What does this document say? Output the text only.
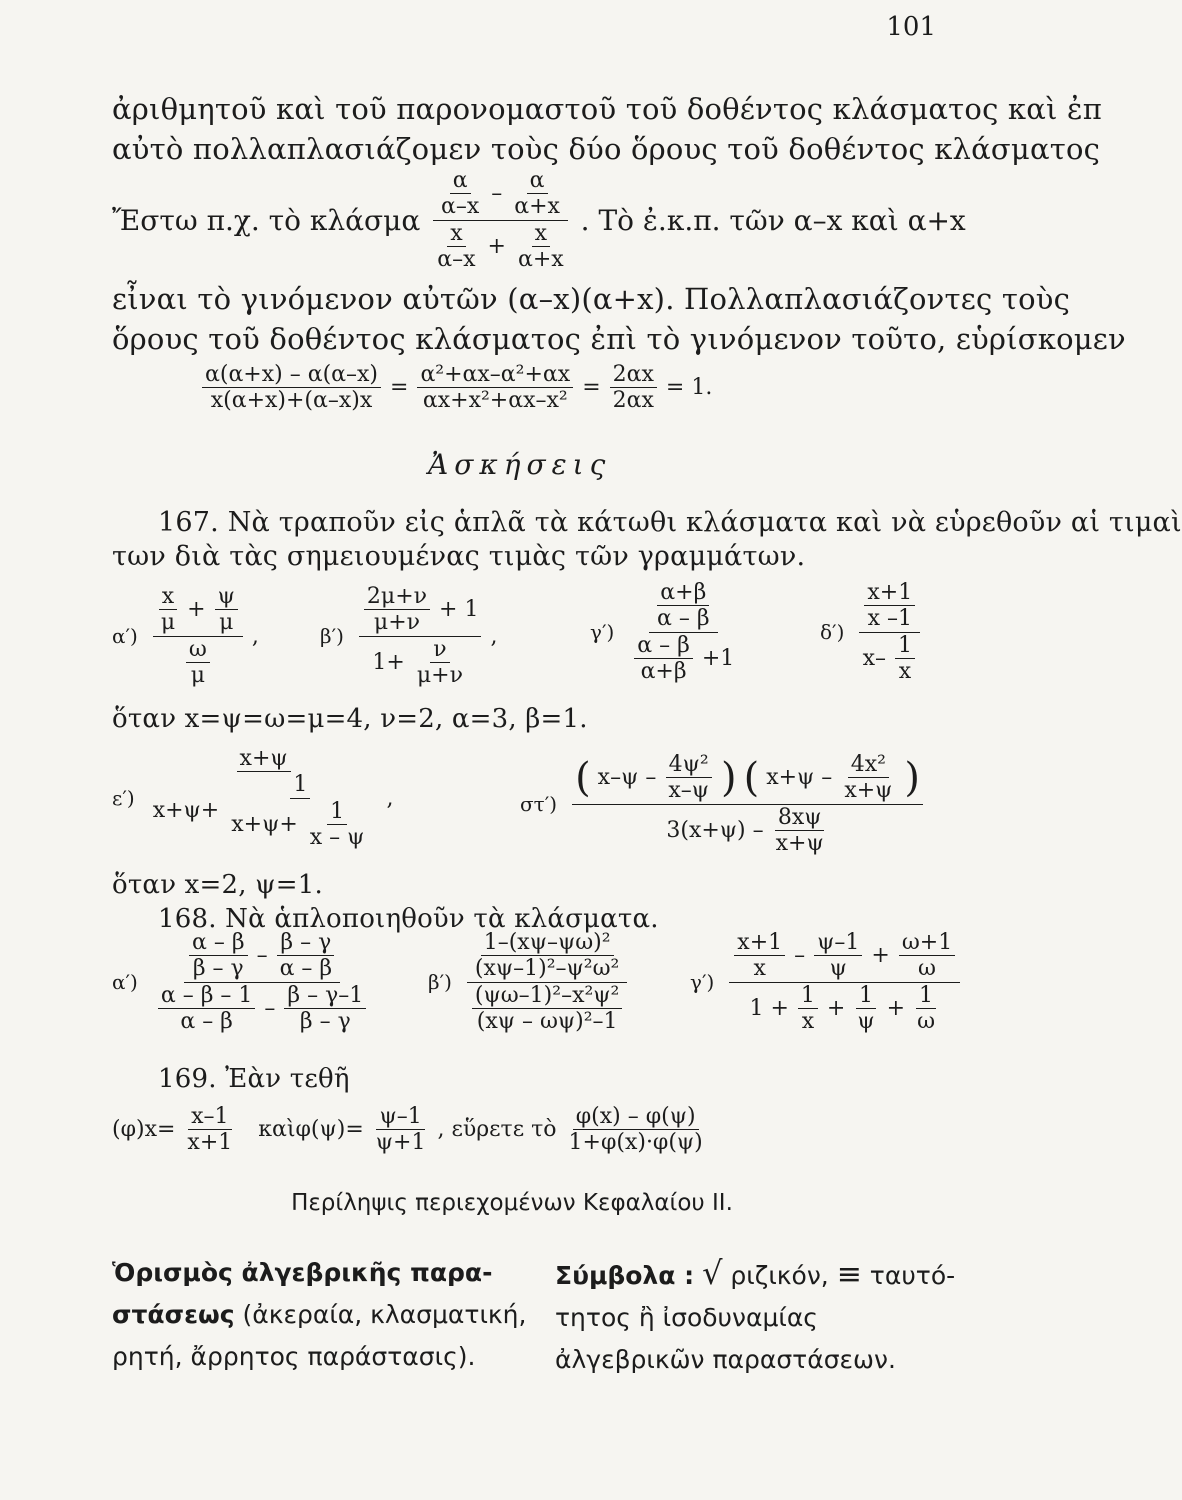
101
ἀριθμητοῦ καὶ τοῦ παρονομαστοῦ τοῦ δοθέντος κλάσματος καὶ ἐπ
αὐτὸ πολλαπλασιάζομεν τοὺς δύο ὅρους τοῦ δοθέντος κλάσματος
Ἔστω π.χ. τὸ κλάσμα $\frac{\frac{\alpha}{\alpha-x} - \frac{\alpha}{\alpha+x}}{\frac{x}{\alpha-x} + \frac{x}{\alpha+x}}$ . Τὸ ἐ.κ.π. τῶν α–x καὶ α+x
εἶναι τὸ γινόμενον αὐτῶν (α–x)(α+x). Πολλαπλασιάζοντες τοὺς
ὅρους τοῦ δοθέντος κλάσματος ἐπὶ τὸ γινόμενον τοῦτο, εὑρίσκομεν
$\frac{\alpha(\alpha+x) - \alpha(\alpha-x)}{x(\alpha+x)+(\alpha-x)x} = \frac{\text{α²+αx–α²+αx}}{\text{αx+x²+αx–x²}} = \frac{2\alpha x}{2\alpha x} = 1$.
Ἀσκήσεις
167. Νὰ τραποῦν εἰς ἁπλᾶ τὰ κάτωθι κλάσματα καὶ νὰ εὑρεθοῦν αἱ τιμαὶ
των διὰ τὰς σημειουμένας τιμὰς τῶν γραμμάτων.
$\alpha') \frac{\frac{x}{\mu} + \frac{\psi}{\mu}}{\frac{\omega}{\mu}}$ ,	$\beta') \frac{\frac{2\mu+\nu}{\mu+\nu} + 1}{1+ \frac{\nu}{\mu+\nu}}$ ,	$\gamma') \frac{\frac{\alpha+\beta}{\alpha - \beta}}{\frac{\alpha - \beta}{\alpha+\beta} +1}$	$\delta') \frac{\frac{x+1}{x -1}}{x- \frac{1}{x}}$
ὅταν x=ψ=ω=μ=4, ν=2, α=3, β=1.
ε′)
x+ψ
$x+\psi+ \frac{1}{x+\psi+ \frac{1}{x - \psi}}$ ,	στ′)
( $x-\psi - \frac{\text{4ψ²}}{x-\psi}$ ) ( $x+\psi - \frac{\text{4x²}}{x+\psi}$ )
$3(x+\psi) - \frac{8x\psi}{x+\psi}$
ὅταν x=2, ψ=1.
168. Νὰ ἁπλοποιηθοῦν τὰ κλάσματα.
$\alpha') \frac{\frac{\alpha - \beta}{\beta - \gamma} - \frac{\beta - \gamma}{\alpha - \beta}}{\frac{\alpha - \beta - 1}{\alpha - \beta} - \frac{\beta - \gamma-1}{\beta - \gamma}}$	$\beta') \frac{\frac{\text{1–(xψ–ψω)²}}{\text{(xψ–1)²–ψ²ω²}}}{\frac{\text{(ψω–1)²–x²ψ²}}{\text{(xψ – ωψ)²–1}}}$	$\gamma') \frac{\frac{x+1}{x} - \frac{\psi-1}{\psi} + \frac{\omega+1}{\omega}}{1 + \frac{1}{x} + \frac{1}{\psi} + \frac{1}{\omega}}$
169. Ἐὰν τεθῆ
$(\varphi)x= \frac{x-1}{x+1}$ καὶφ(ψ)= $\frac{\psi-1}{\psi+1}$ , εὕρετε τὸ $\frac{\varphi(x) - \varphi(\psi)}{1+\varphi(x)\cdot\varphi(\psi)}$
Περίληψις περιεχομένων Κεφαλαίου ΙΙ.
Ὁρισμὸς ἀλγεβρικῆς παρα-στάσεως (ἀκεραία, κλασματική, ρητή, ἄρρητος παράστασις).
Σύμβολα : √ ριζικόν, ≡ ταυτό-τητος ἢ ἰσοδυναμίας ἀλγεβρικῶν παραστάσεων.
